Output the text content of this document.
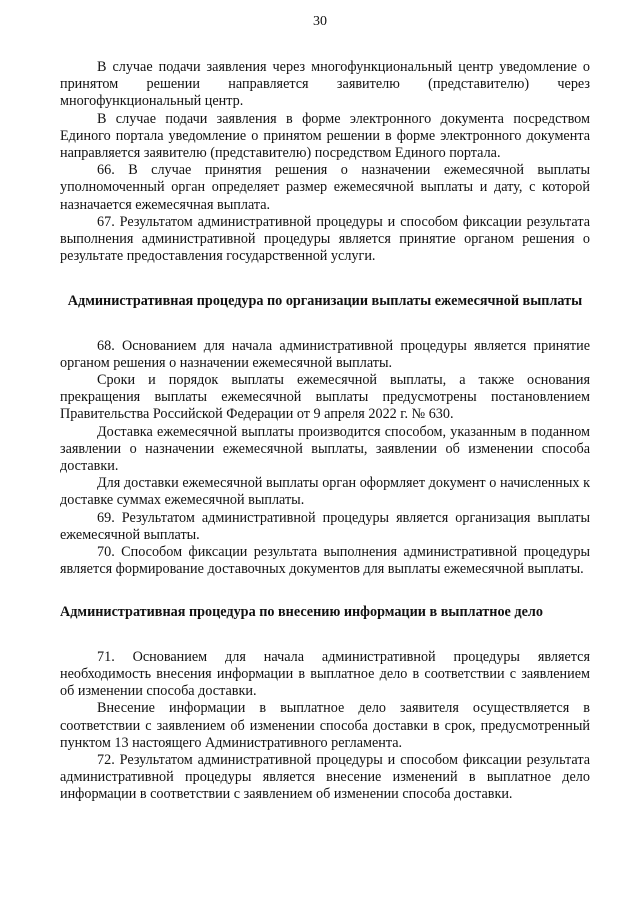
30

В случае подачи заявления через многофункциональный центр уведомление о принятом решении направляется заявителю (представителю) через многофункциональный центр.

В случае подачи заявления в форме электронного документа посредством Единого портала уведомление о принятом решении в форме электронного документа направляется заявителю (представителю) посредством Единого портала.

66. В случае принятия решения о назначении ежемесячной выплаты уполномоченный орган определяет размер ежемесячной выплаты и дату, с которой назначается ежемесячная выплата.

67. Результатом административной процедуры и способом фиксации результата выполнения административной процедуры является принятие органом решения о результате предоставления государственной услуги.

Административная процедура по организации выплаты ежемесячной выплаты

68. Основанием для начала административной процедуры является принятие органом решения о назначении ежемесячной выплаты.

Сроки и порядок выплаты ежемесячной выплаты, а также основания прекращения выплаты ежемесячной выплаты предусмотрены постановлением Правительства Российской Федерации от 9 апреля 2022 г. № 630.

Доставка ежемесячной выплаты производится способом, указанным в поданном заявлении о назначении ежемесячной выплаты, заявлении об изменении способа доставки.

Для доставки ежемесячной выплаты орган оформляет документ о начисленных к доставке суммах ежемесячной выплаты.

69. Результатом административной процедуры является организация выплаты ежемесячной выплаты.

70. Способом фиксации результата выполнения административной процедуры является формирование доставочных документов для выплаты ежемесячной выплаты.

Административная процедура по внесению информации в выплатное дело

71. Основанием для начала административной процедуры является необходимость внесения информации в выплатное дело в соответствии с заявлением об изменении способа доставки.

Внесение информации в выплатное дело заявителя осуществляется в соответствии с заявлением об изменении способа доставки в срок, предусмотренный пунктом 13 настоящего Административного регламента.

72. Результатом административной процедуры и способом фиксации результата административной процедуры является внесение изменений в выплатное дело информации в соответствии с заявлением об изменении способа доставки.
